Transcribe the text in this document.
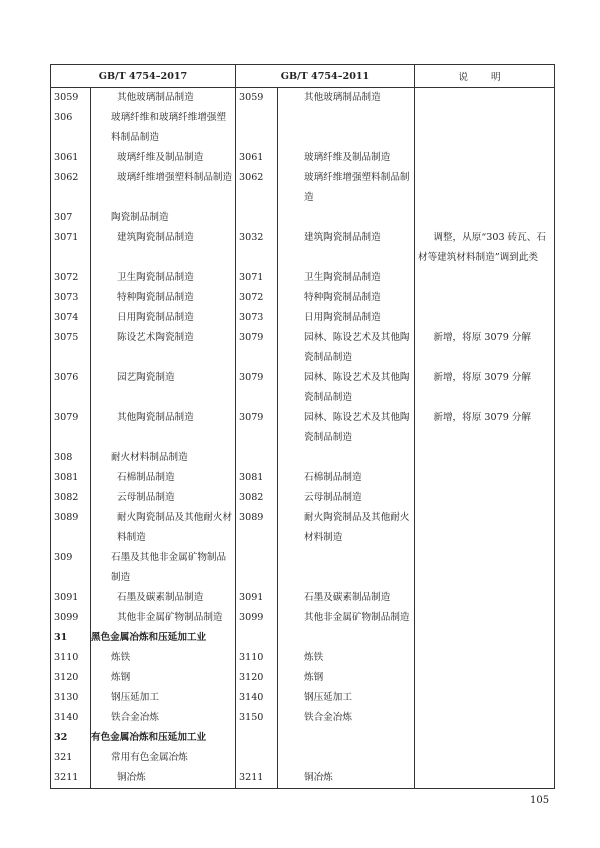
GB/T 4754–2017		GB/T 4754–2011		说 明
3059	其他玻璃制品制造	3059	其他玻璃制品制造	

306	玻璃纤维和玻璃纤维增强塑料制品制造			

3061	玻璃纤维及制品制造	3061	玻璃纤维及制品制造	

3062	玻璃纤维增强塑料制品制造	3062	玻璃纤维增强塑料制品制造	

307	陶瓷制品制造			

3071	建筑陶瓷制品制造	3032	建筑陶瓷制品制造	调整，从原“303 砖瓦、石材等建筑材料制造”调到此类

3072	卫生陶瓷制品制造	3071	卫生陶瓷制品制造	

3073	特种陶瓷制品制造	3072	特种陶瓷制品制造	

3074	日用陶瓷制品制造	3073	日用陶瓷制品制造	

3075	陈设艺术陶瓷制造	3079	园林、陈设艺术及其他陶瓷制品制造	新增，将原 3079 分解

3076	园艺陶瓷制造	3079	园林、陈设艺术及其他陶瓷制品制造	新增，将原 3079 分解

3079	其他陶瓷制品制造	3079	园林、陈设艺术及其他陶瓷制品制造	新增，将原 3079 分解

308	耐火材料制品制造			

3081	石棉制品制造	3081	石棉制品制造	

3082	云母制品制造	3082	云母制品制造	

3089	耐火陶瓷制品及其他耐火材料制造	3089	耐火陶瓷制品及其他耐火材料制造	

309	石墨及其他非金属矿物制品制造			

3091	石墨及碳素制品制造	3091	石墨及碳素制品制造	

3099	其他非金属矿物制品制造	3099	其他非金属矿物制品制造	

31	黑色金属冶炼和压延加工业			

3110	炼铁	3110	炼铁	

3120	炼钢	3120	炼钢	

3130	钢压延加工	3140	钢压延加工	

3140	铁合金冶炼	3150	铁合金冶炼	

32	有色金属冶炼和压延加工业			

321	常用有色金属冶炼			

3211	铜冶炼	3211	铜冶炼	
105
